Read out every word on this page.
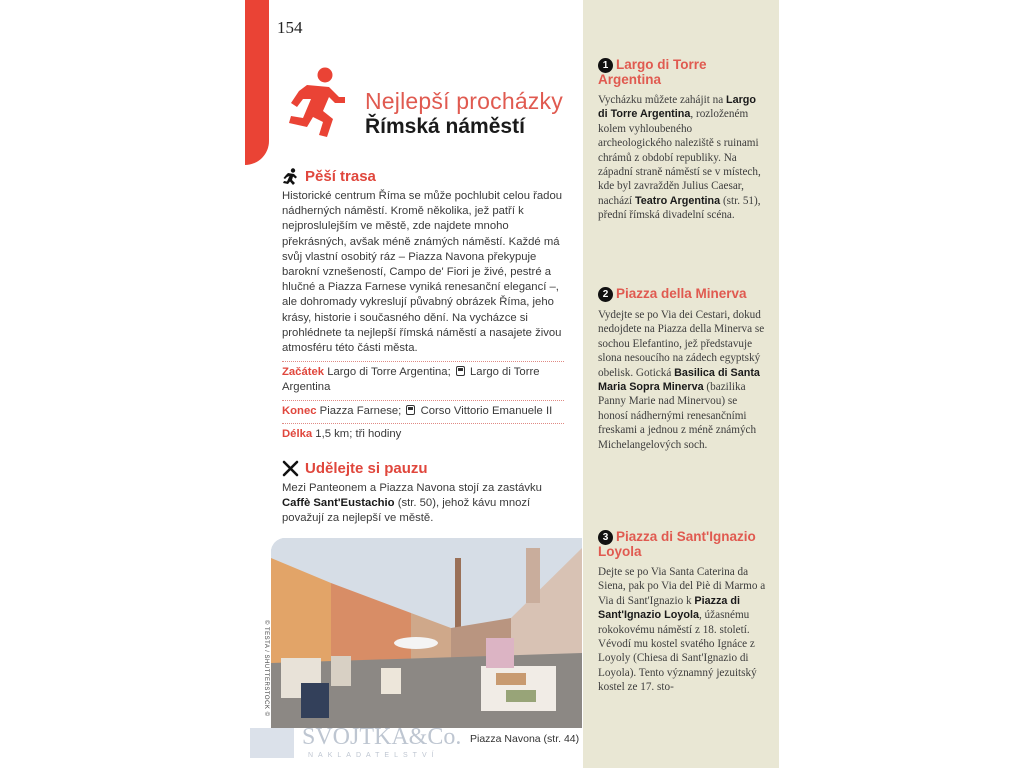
154
Nejlepší procházky
Římská náměstí
Pěší trasa
Historické centrum Říma se může pochlubit celou řadou nádherných náměstí. Kromě několika, jež patří k nejproslulejším ve městě, zde najdete mnoho překrásných, avšak méně známých náměstí. Každé má svůj vlastní osobitý ráz – Piazza Navona překypuje barokní vznešeností, Campo de' Fiori je živé, pestré a hlučné a Piazza Farnese vyniká renesanční elegancí –, ale dohromady vykreslují půvabný obrázek Říma, jeho krásy, historie i současného dění. Na vycházce si prohlédnete ta nejlepší římská náměstí a nasajete živou atmosféru této části města.
Začátek Largo di Torre Argentina; Largo di Torre Argentina
Konec Piazza Farnese; Corso Vittorio Emanuele II
Délka 1,5 km; tři hodiny
Udělejte si pauzu
Mezi Panteonem a Piazza Navona stojí za zastávku Caffè Sant'Eustachio (str. 50), jehož kávu mnozí považují za nejlepší ve městě.
© TESTA / SHUTTERSTOCK ©
Piazza Navona (str. 44)
SVOJTKA&Co.
NAKLADATELSTVÍ
1 Largo di Torre Argentina
Vycházku můžete zahájit na Largo di Torre Argentina, rozloženém kolem vyhloubeného archeologického naleziště s ruinami chrámů z období republiky. Na západní straně náměstí se v místech, kde byl zavražděn Julius Caesar, nachází Teatro Argentina (str. 51), přední římská divadelní scéna.
2 Piazza della Minerva
Vydejte se po Via dei Cestari, dokud nedojdete na Piazza della Minerva se sochou Elefantino, jež představuje slona nesoucího na zádech egyptský obelisk. Gotická Basilica di Santa Maria Sopra Minerva (bazilika Panny Marie nad Minervou) se honosí nádhernými renesančními freskami a jednou z méně známých Michelangelových soch.
3 Piazza di Sant'Ignazio Loyola
Dejte se po Via Santa Caterina da Siena, pak po Via del Piè di Marmo a Via di Sant'Ignazio k Piazza di Sant'Ignazio Loyola, úžasnému rokokovému náměstí z 18. století. Vévodí mu kostel svatého Ignáce z Loyoly (Chiesa di Sant'Ignazio di Loyola). Tento významný jezuitský kostel ze 17. sto-
